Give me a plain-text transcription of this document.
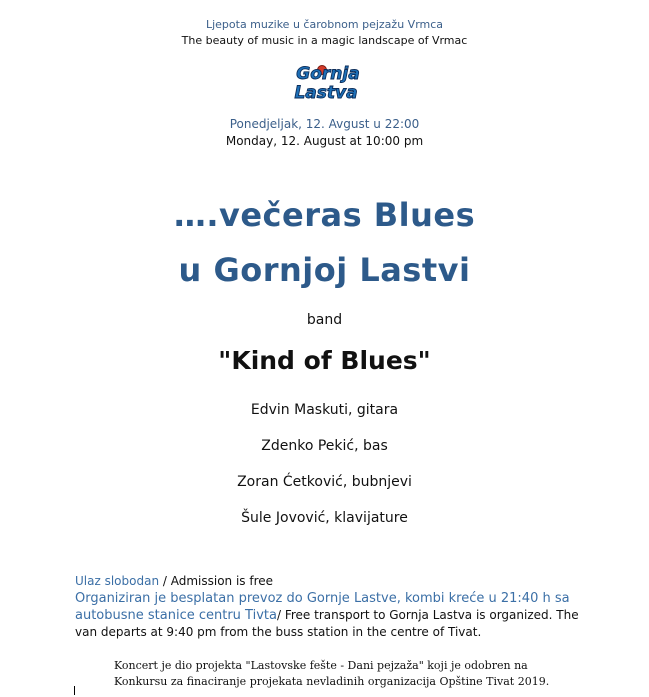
Ljepota muzike u čarobnom pejzažu Vrmca
The beauty of music in a magic landscape of Vrmac
Gornja
Lastva
Ponedjeljak, 12. Avgust u 22:00
Monday, 12. August at 10:00 pm
….večeras Blues
u Gornjoj Lastvi
band
"Kind of Blues"
Edvin Maskuti, gitara
Zdenko Pekić, bas
Zoran Ćetković, bubnjevi
Šule Jovović, klavijature
Ulaz slobodan / Admission is free
Organiziran je besplatan prevoz do Gornje Lastve, kombi kreće u 21:40 h sa autobusne stanice centru Tivta/ Free transport to Gornja Lastva is organized. The van departs at 9:40 pm from the buss station in the centre of Tivat.
Koncert je dio projekta "Lastovske fešte - Dani pejzaža" koji je odobren na Konkursu za finaciranje projekata nevladinih organizacija Opštine Tivat 2019.
